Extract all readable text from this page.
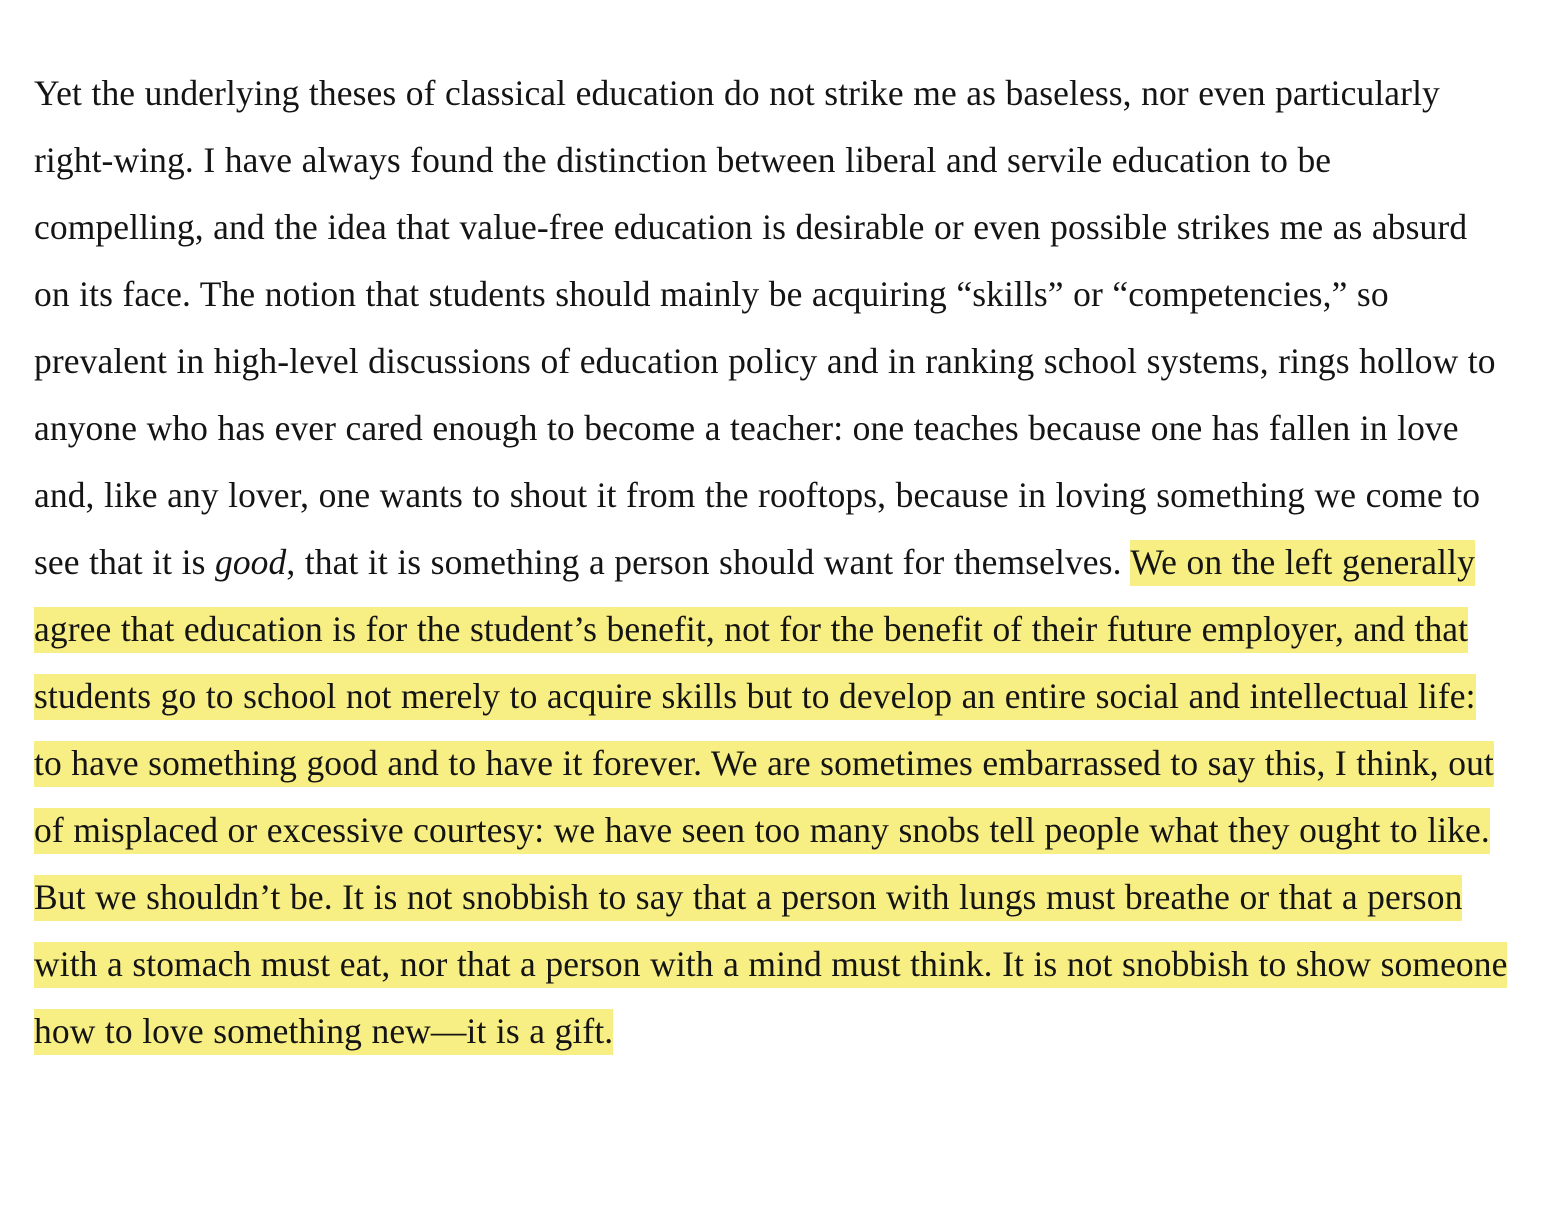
Yet the underlying theses of classical education do not strike me as baseless, nor even particularly right-wing. I have always found the distinction between liberal and servile education to be compelling, and the idea that value-free education is desirable or even possible strikes me as absurd on its face. The notion that students should mainly be acquiring “skills” or “competencies,” so prevalent in high-level discussions of education policy and in ranking school systems, rings hollow to anyone who has ever cared enough to become a teacher: one teaches because one has fallen in love and, like any lover, one wants to shout it from the rooftops, because in loving something we come to see that it is good, that it is something a person should want for themselves. We on the left generally agree that education is for the student’s benefit, not for the benefit of their future employer, and that students go to school not merely to acquire skills but to develop an entire social and intellectual life: to have something good and to have it forever. We are sometimes embarrassed to say this, I think, out of misplaced or excessive courtesy: we have seen too many snobs tell people what they ought to like. But we shouldn’t be. It is not snobbish to say that a person with lungs must breathe or that a person with a stomach must eat, nor that a person with a mind must think. It is not snobbish to show someone how to love something new—it is a gift.
